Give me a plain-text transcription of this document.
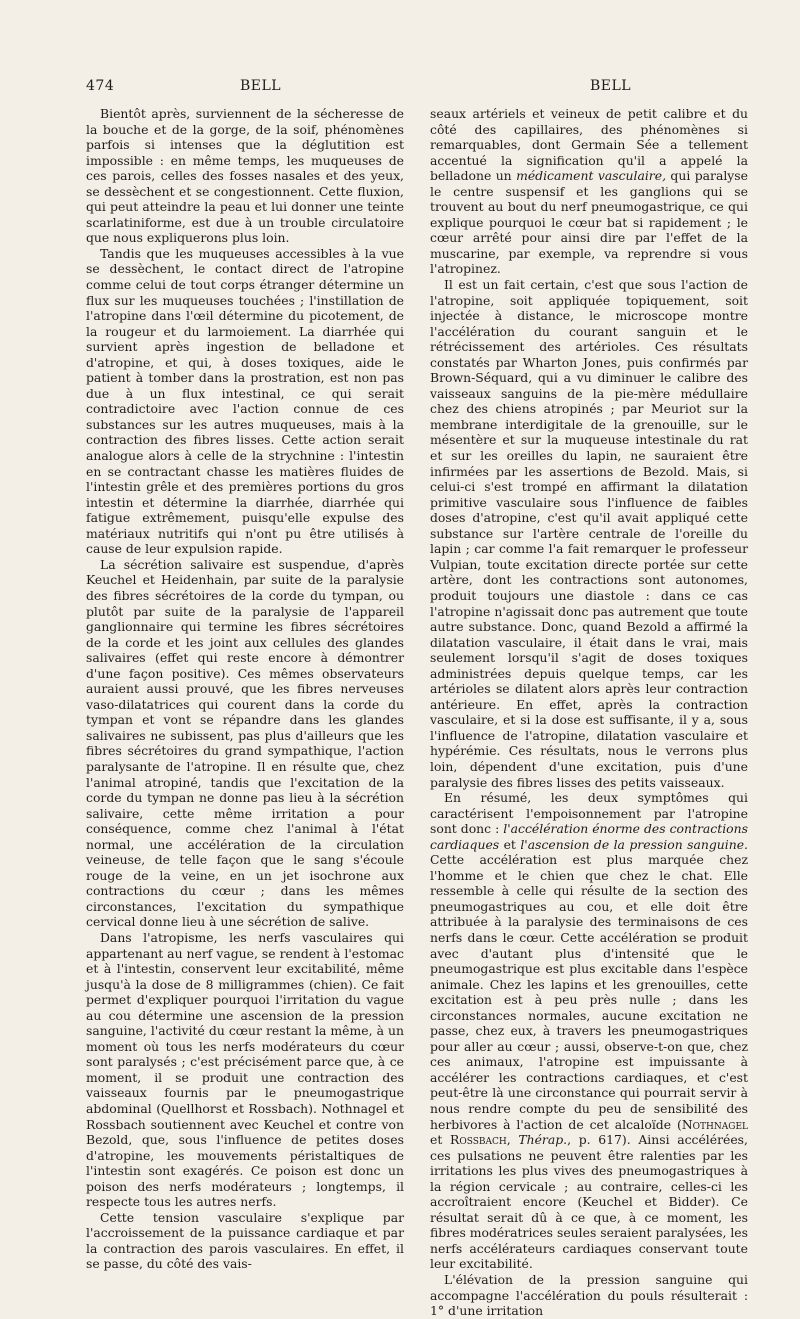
474	BELL	BELL

Bientôt après, surviennent de la sécheresse de la bouche et de la gorge, de la soif, phénomènes parfois si intenses que la déglutition est impossible : en même temps, les muqueuses de ces parois, celles des fosses nasales et des yeux, se dessèchent et se congestionnent. Cette fluxion, qui peut atteindre la peau et lui donner une teinte scarlatiniforme, est due à un trouble circulatoire que nous expliquerons plus loin.

Tandis que les muqueuses accessibles à la vue se dessèchent, le contact direct de l'atropine comme celui de tout corps étranger détermine un flux sur les muqueuses touchées ; l'instillation de l'atropine dans l'œil détermine du picotement, de la rougeur et du larmoiement. La diarrhée qui survient après ingestion de belladone et d'atropine, et qui, à doses toxiques, aide le patient à tomber dans la prostration, est non pas due à un flux intestinal, ce qui serait contradictoire avec l'action connue de ces substances sur les autres muqueuses, mais à la contraction des fibres lisses. Cette action serait analogue alors à celle de la strychnine : l'intestin en se contractant chasse les matières fluides de l'intestin grêle et des premières portions du gros intestin et détermine la diarrhée, diarrhée qui fatigue extrêmement, puisqu'elle expulse des matériaux nutritifs qui n'ont pu être utilisés à cause de leur expulsion rapide.

La sécrétion salivaire est suspendue, d'après Keuchel et Heidenhain, par suite de la paralysie des fibres sécrétoires de la corde du tympan, ou plutôt par suite de la paralysie de l'appareil ganglionnaire qui termine les fibres sécrétoires de la corde et les joint aux cellules des glandes salivaires (effet qui reste encore à démontrer d'une façon positive). Ces mêmes observateurs auraient aussi prouvé, que les fibres nerveuses vaso-dilatatrices qui courent dans la corde du tympan et vont se répandre dans les glandes salivaires ne subissent, pas plus d'ailleurs que les fibres sécrétoires du grand sympathique, l'action paralysante de l'atropine. Il en résulte que, chez l'animal atropiné, tandis que l'excitation de la corde du tympan ne donne pas lieu à la sécrétion salivaire, cette même irritation a pour conséquence, comme chez l'animal à l'état normal, une accélération de la circulation veineuse, de telle façon que le sang s'écoule rouge de la veine, en un jet isochrone aux contractions du cœur ; dans les mêmes circonstances, l'excitation du sympathique cervical donne lieu à une sécrétion de salive.

Dans l'atropisme, les nerfs vasculaires qui appartenant au nerf vague, se rendent à l'estomac et à l'intestin, conservent leur excitabilité, même jusqu'à la dose de 8 milligrammes (chien). Ce fait permet d'expliquer pourquoi l'irritation du vague au cou détermine une ascension de la pression sanguine, l'activité du cœur restant la même, à un moment où tous les nerfs modérateurs du cœur sont paralysés ; c'est précisément parce que, à ce moment, il se produit une contraction des vaisseaux fournis par le pneumogastrique abdominal (Quellhorst et Rossbach). Nothnagel et Rossbach soutiennent avec Keuchel et contre von Bezold, que, sous l'influence de petites doses d'atropine, les mouvements péristaltiques de l'intestin sont exagérés. Ce poison est donc un poison des nerfs modérateurs ; longtemps, il respecte tous les autres nerfs.

Cette tension vasculaire s'explique par l'accroissement de la puissance cardiaque et par la contraction des parois vasculaires. En effet, il se passe, du côté des vais-

seaux artériels et veineux de petit calibre et du côté des capillaires, des phénomènes si remarquables, dont Germain Sée a tellement accentué la signification qu'il a appelé la belladone un médicament vasculaire, qui paralyse le centre suspensif et les ganglions qui se trouvent au bout du nerf pneumogastrique, ce qui explique pourquoi le cœur bat si rapidement ; le cœur arrêté pour ainsi dire par l'effet de la muscarine, par exemple, va reprendre si vous l'atropinez.

Il est un fait certain, c'est que sous l'action de l'atropine, soit appliquée topiquement, soit injectée à distance, le microscope montre l'accélération du courant sanguin et le rétrécissement des artérioles. Ces résultats constatés par Wharton Jones, puis confirmés par Brown-Séquard, qui a vu diminuer le calibre des vaisseaux sanguins de la pie-mère médullaire chez des chiens atropinés ; par Meuriot sur la membrane interdigitale de la grenouille, sur le mésentère et sur la muqueuse intestinale du rat et sur les oreilles du lapin, ne sauraient être infirmées par les assertions de Bezold. Mais, si celui-ci s'est trompé en affirmant la dilatation primitive vasculaire sous l'influence de faibles doses d'atropine, c'est qu'il avait appliqué cette substance sur l'artère centrale de l'oreille du lapin ; car comme l'a fait remarquer le professeur Vulpian, toute excitation directe portée sur cette artère, dont les contractions sont autonomes, produit toujours une diastole : dans ce cas l'atropine n'agissait donc pas autrement que toute autre substance. Donc, quand Bezold a affirmé la dilatation vasculaire, il était dans le vrai, mais seulement lorsqu'il s'agit de doses toxiques administrées depuis quelque temps, car les artérioles se dilatent alors après leur contraction antérieure. En effet, après la contraction vasculaire, et si la dose est suffisante, il y a, sous l'influence de l'atropine, dilatation vasculaire et hypérémie. Ces résultats, nous le verrons plus loin, dépendent d'une excitation, puis d'une paralysie des fibres lisses des petits vaisseaux.

En résumé, les deux symptômes qui caractérisent l'empoisonnement par l'atropine sont donc : l'accélération énorme des contractions cardiaques et l'ascension de la pression sanguine. Cette accélération est plus marquée chez l'homme et le chien que chez le chat. Elle ressemble à celle qui résulte de la section des pneumogastriques au cou, et elle doit être attribuée à la paralysie des terminaisons de ces nerfs dans le cœur. Cette accélération se produit avec d'autant plus d'intensité que le pneumogastrique est plus excitable dans l'espèce animale. Chez les lapins et les grenouilles, cette excitation est à peu près nulle ; dans les circonstances normales, aucune excitation ne passe, chez eux, à travers les pneumogastriques pour aller au cœur ; aussi, observe-t-on que, chez ces animaux, l'atropine est impuissante à accélérer les contractions cardiaques, et c'est peut-être là une circonstance qui pourrait servir à nous rendre compte du peu de sensibilité des herbivores à l'action de cet alcaloïde (Nothnagel et Rossbach, Thérap., p. 617). Ainsi accélérées, ces pulsations ne peuvent être ralenties par les irritations les plus vives des pneumogastriques à la région cervicale ; au contraire, celles-ci les accroîtraient encore (Keuchel et Bidder). Ce résultat serait dû à ce que, à ce moment, les fibres modératrices seules seraient paralysées, les nerfs accélérateurs cardiaques conservant toute leur excitabilité.

L'élévation de la pression sanguine qui accompagne l'accélération du pouls résulterait : 1° d'une irritation
